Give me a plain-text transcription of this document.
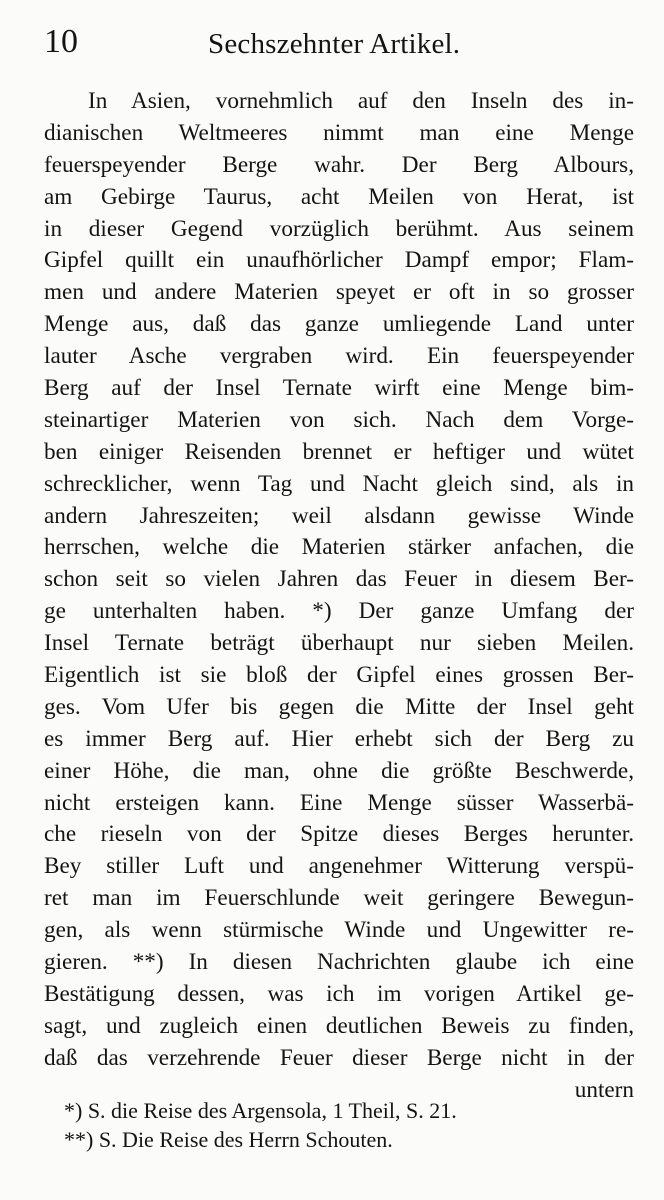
10	Sechszehnter Artikel.
In Asien, vornehmlich auf den Inseln des in-
dianischen Weltmeeres nimmt man eine Menge
feuerspeyender Berge wahr. Der Berg Albours,
am Gebirge Taurus, acht Meilen von Herat, ist
in dieser Gegend vorzüglich berühmt. Aus seinem
Gipfel quillt ein unaufhörlicher Dampf empor; Flam-
men und andere Materien speyet er oft in so grosser
Menge aus, daß das ganze umliegende Land unter
lauter Asche vergraben wird. Ein feuerspeyender
Berg auf der Insel Ternate wirft eine Menge bim-
steinartiger Materien von sich. Nach dem Vorge-
ben einiger Reisenden brennet er heftiger und wütet
schrecklicher, wenn Tag und Nacht gleich sind, als in
andern Jahreszeiten; weil alsdann gewisse Winde
herrschen, welche die Materien stärker anfachen, die
schon seit so vielen Jahren das Feuer in diesem Ber-
ge unterhalten haben. *) Der ganze Umfang der
Insel Ternate beträgt überhaupt nur sieben Meilen.
Eigentlich ist sie bloß der Gipfel eines grossen Ber-
ges. Vom Ufer bis gegen die Mitte der Insel geht
es immer Berg auf. Hier erhebt sich der Berg zu
einer Höhe, die man, ohne die größte Beschwerde,
nicht ersteigen kann. Eine Menge süsser Wasserbä-
che rieseln von der Spitze dieses Berges herunter.
Bey stiller Luft und angenehmer Witterung verspü-
ret man im Feuerschlunde weit geringere Bewegun-
gen, als wenn stürmische Winde und Ungewitter re-
gieren. **) In diesen Nachrichten glaube ich eine
Bestätigung dessen, was ich im vorigen Artikel ge-
sagt, und zugleich einen deutlichen Beweis zu finden,
daß das verzehrende Feuer dieser Berge nicht in der
untern
*) S. die Reise des Argensola, 1 Theil, S. 21.
**) S. Die Reise des Herrn Schouten.
